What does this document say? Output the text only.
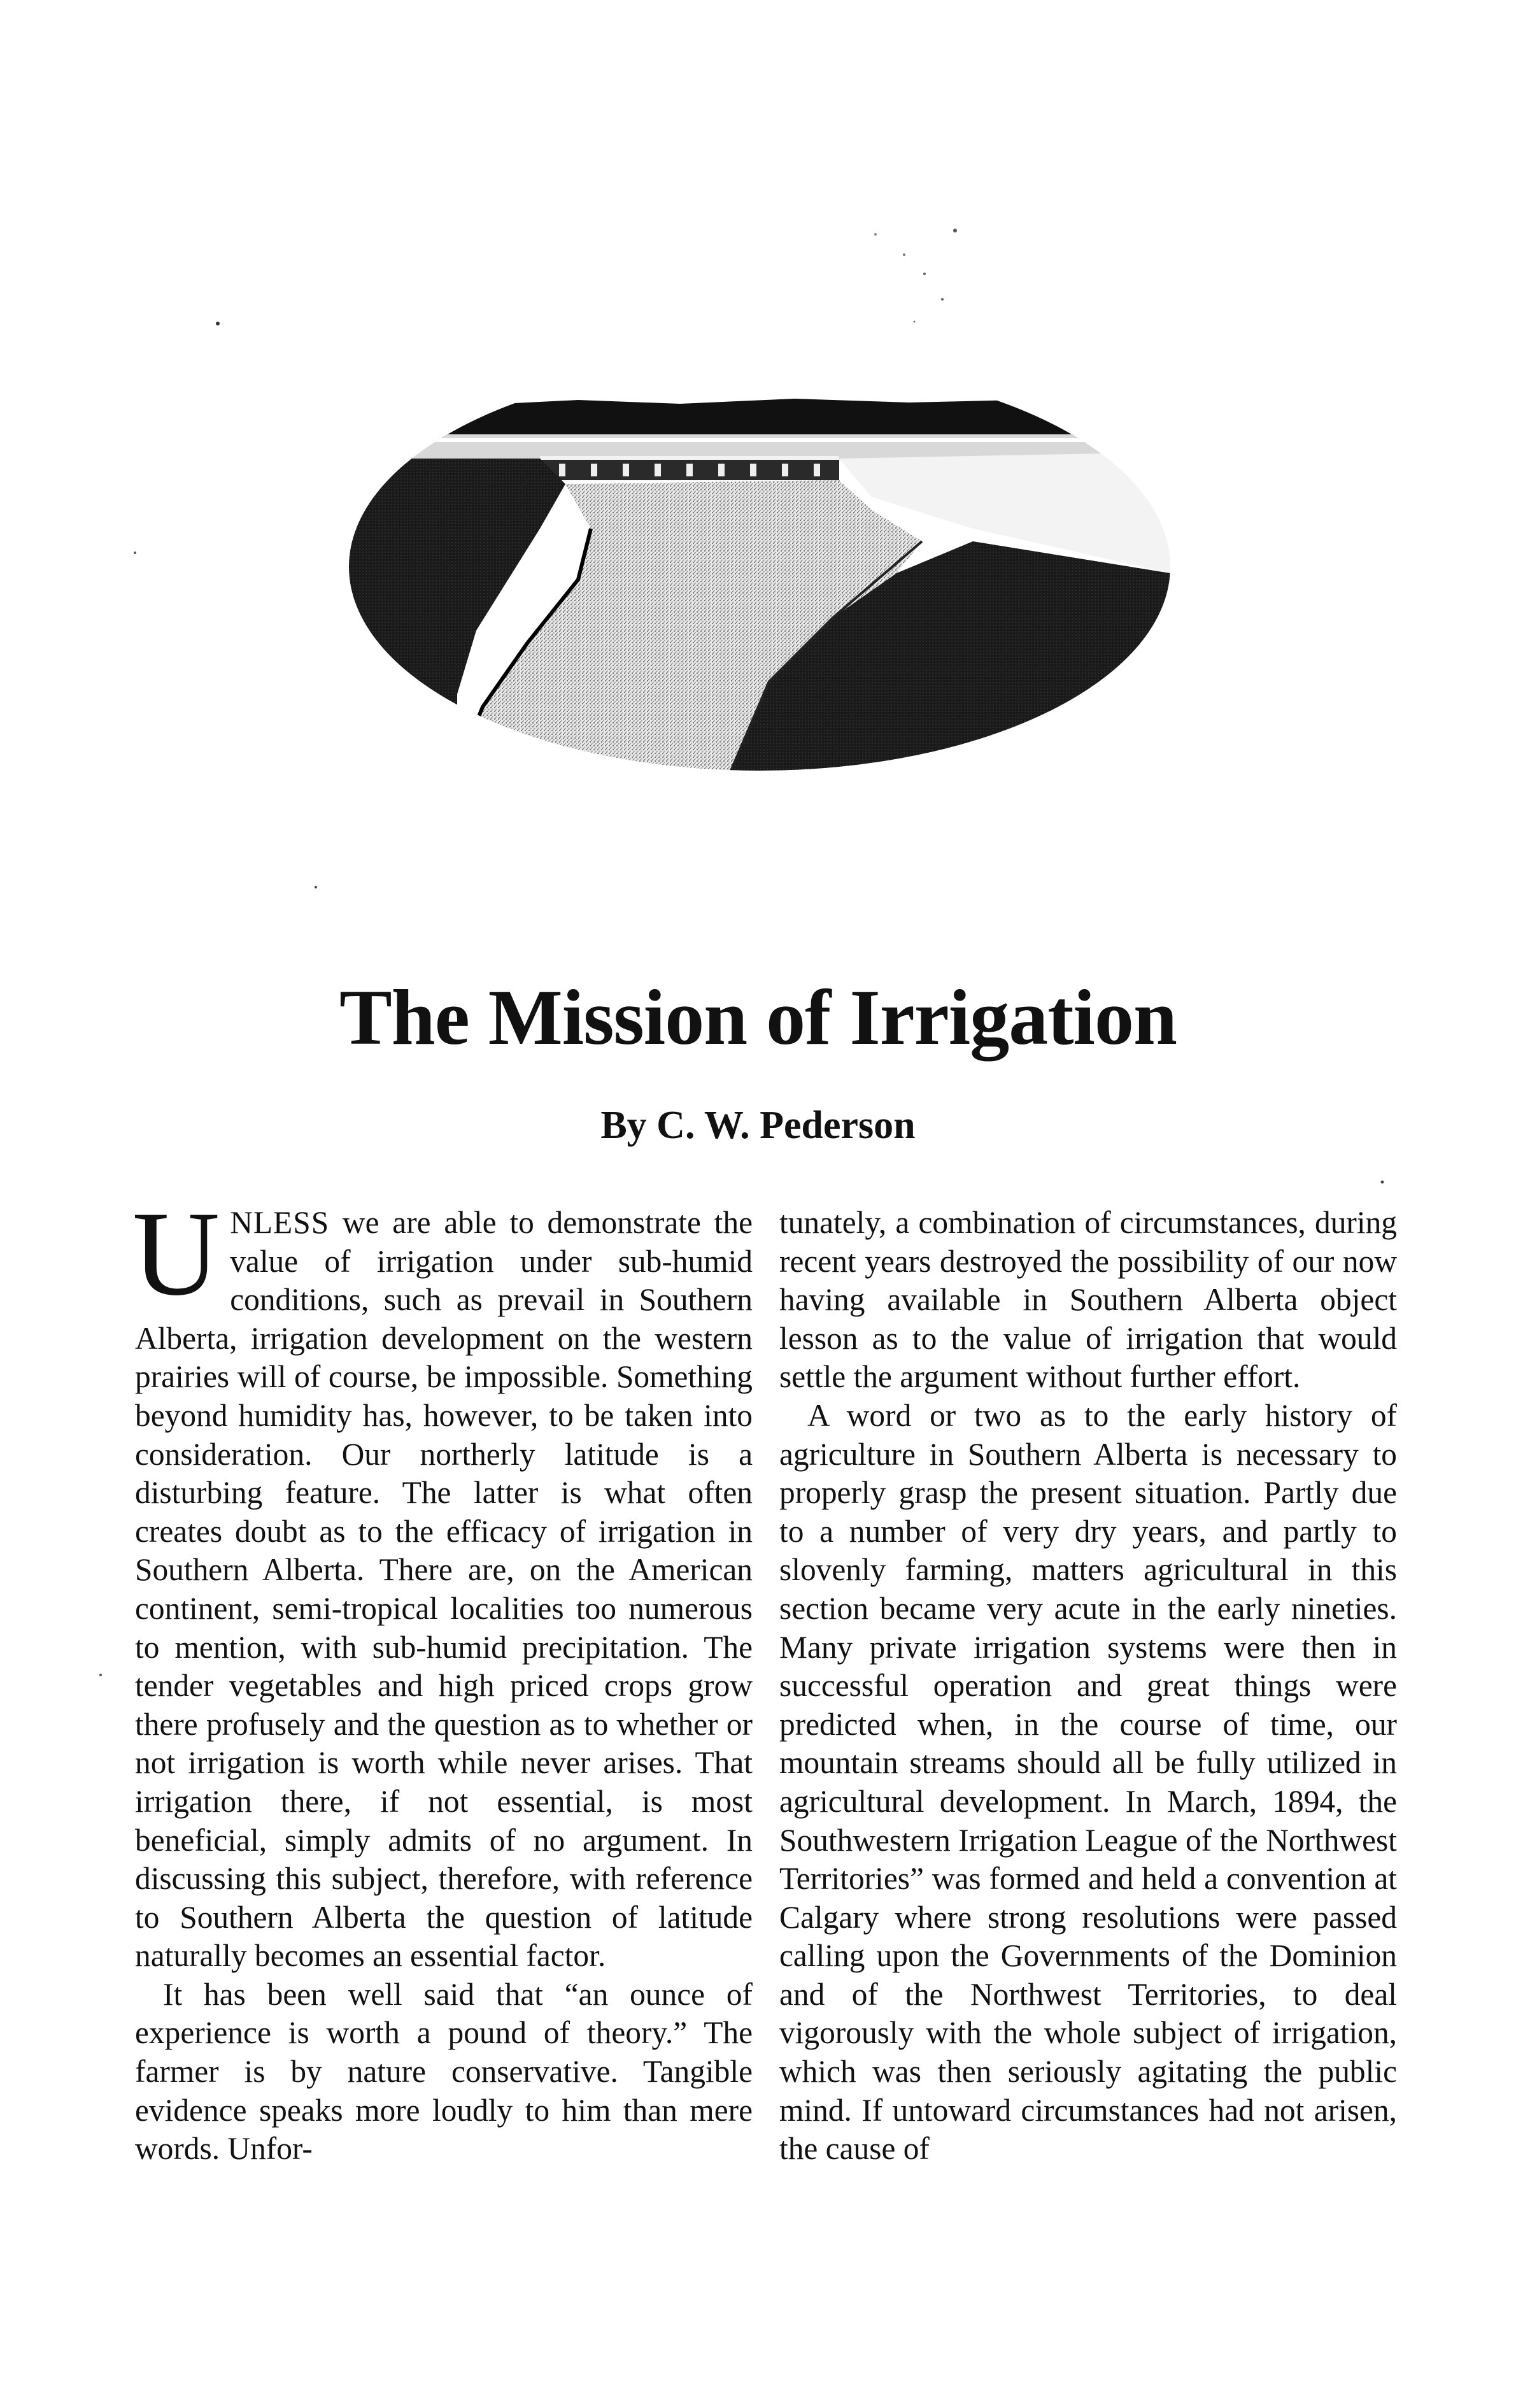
The Mission of Irrigation
By C. W. Pederson

UNLESS we are able to demonstrate the value of irrigation under sub-humid conditions, such as prevail in Southern Alberta, irrigation development on the western prairies will of course, be impossible. Something beyond humidity has, however, to be taken into consideration. Our northerly latitude is a disturbing feature. The latter is what often creates doubt as to the efficacy of irrigation in Southern Alberta. There are, on the American continent, semi-tropical localities too numerous to mention, with sub-humid precipitation. The tender vegetables and high priced crops grow there profusely and the question as to whether or not irrigation is worth while never arises. That irrigation there, if not essential, is most beneficial, simply admits of no argument. In discussing this subject, therefore, with reference to Southern Alberta the question of latitude naturally becomes an essential factor.

It has been well said that “an ounce of experience is worth a pound of theory.” The farmer is by nature conservative. Tangible evidence speaks more loudly to him than mere words. Unfor-

tunately, a combination of circumstances, during recent years destroyed the possibility of our now having available in Southern Alberta object lesson as to the value of irrigation that would settle the argument without further effort.

A word or two as to the early history of agriculture in Southern Alberta is necessary to properly grasp the present situation. Partly due to a number of very dry years, and partly to slovenly farming, matters agricultural in this section became very acute in the early nineties. Many private irrigation systems were then in successful operation and great things were predicted when, in the course of time, our mountain streams should all be fully utilized in agricultural development. In March, 1894, the Southwestern Irrigation League of the Northwest Territories” was formed and held a convention at Calgary where strong resolutions were passed calling upon the Governments of the Dominion and of the Northwest Territories, to deal vigorously with the whole subject of irrigation, which was then seriously agitating the public mind. If untoward circumstances had not arisen, the cause of
